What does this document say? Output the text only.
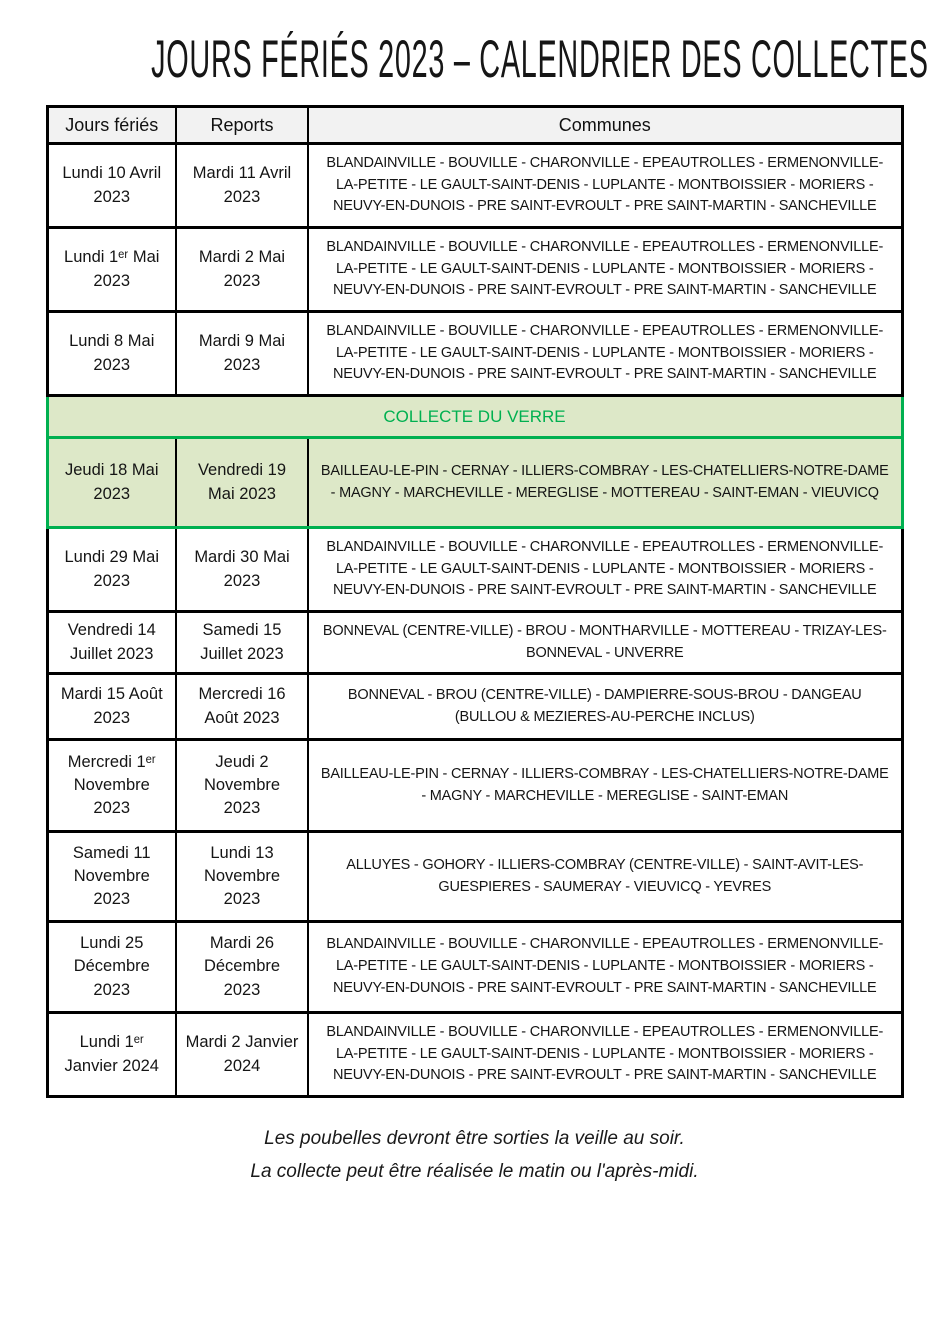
JOURS FÉRIÉS 2023 – CALENDRIER DES COLLECTES
Jours fériés	Reports	Communes
Lundi 10 Avril 2023	Mardi 11 Avril 2023	BLANDAINVILLE - BOUVILLE - CHARONVILLE - EPEAUTROLLES - ERMENONVILLE-LA-PETITE - LE GAULT-SAINT-DENIS - LUPLANTE - MONTBOISSIER - MORIERS - NEUVY-EN-DUNOIS - PRE SAINT-EVROULT - PRE SAINT-MARTIN - SANCHEVILLE
Lundi 1ᵉʳ Mai 2023	Mardi 2 Mai 2023	BLANDAINVILLE - BOUVILLE - CHARONVILLE - EPEAUTROLLES - ERMENONVILLE-LA-PETITE - LE GAULT-SAINT-DENIS - LUPLANTE - MONTBOISSIER - MORIERS - NEUVY-EN-DUNOIS - PRE SAINT-EVROULT - PRE SAINT-MARTIN - SANCHEVILLE
Lundi 8 Mai 2023	Mardi 9 Mai 2023	BLANDAINVILLE - BOUVILLE - CHARONVILLE - EPEAUTROLLES - ERMENONVILLE-LA-PETITE - LE GAULT-SAINT-DENIS - LUPLANTE - MONTBOISSIER - MORIERS - NEUVY-EN-DUNOIS - PRE SAINT-EVROULT - PRE SAINT-MARTIN - SANCHEVILLE
COLLECTE DU VERRE		
Jeudi 18 Mai 2023	Vendredi 19 Mai 2023	BAILLEAU-LE-PIN - CERNAY - ILLIERS-COMBRAY - LES-CHATELLIERS-NOTRE-DAME - MAGNY - MARCHEVILLE - MEREGLISE - MOTTEREAU - SAINT-EMAN - VIEUVICQ
Lundi 29 Mai 2023	Mardi 30 Mai 2023	BLANDAINVILLE - BOUVILLE - CHARONVILLE - EPEAUTROLLES - ERMENONVILLE-LA-PETITE - LE GAULT-SAINT-DENIS - LUPLANTE - MONTBOISSIER - MORIERS - NEUVY-EN-DUNOIS - PRE SAINT-EVROULT - PRE SAINT-MARTIN - SANCHEVILLE
Vendredi 14 Juillet 2023	Samedi 15 Juillet 2023	BONNEVAL (CENTRE-VILLE) - BROU - MONTHARVILLE - MOTTEREAU - TRIZAY-LES-BONNEVAL - UNVERRE
Mardi 15 Août 2023	Mercredi 16 Août 2023	BONNEVAL - BROU (CENTRE-VILLE) - DAMPIERRE-SOUS-BROU - DANGEAU (BULLOU & MEZIERES-AU-PERCHE INCLUS)
Mercredi 1ᵉʳ Novembre 2023	Jeudi 2 Novembre 2023	BAILLEAU-LE-PIN - CERNAY - ILLIERS-COMBRAY - LES-CHATELLIERS-NOTRE-DAME - MAGNY - MARCHEVILLE - MEREGLISE - SAINT-EMAN
Samedi 11 Novembre 2023	Lundi 13 Novembre 2023	ALLUYES - GOHORY - ILLIERS-COMBRAY (CENTRE-VILLE) - SAINT-AVIT-LES-GUESPIERES - SAUMERAY - VIEUVICQ - YEVRES
Lundi 25 Décembre 2023	Mardi 26 Décembre 2023	BLANDAINVILLE - BOUVILLE - CHARONVILLE - EPEAUTROLLES - ERMENONVILLE-LA-PETITE - LE GAULT-SAINT-DENIS - LUPLANTE - MONTBOISSIER - MORIERS - NEUVY-EN-DUNOIS - PRE SAINT-EVROULT - PRE SAINT-MARTIN - SANCHEVILLE
Lundi 1ᵉʳ Janvier 2024	Mardi 2 Janvier 2024	BLANDAINVILLE - BOUVILLE - CHARONVILLE - EPEAUTROLLES - ERMENONVILLE-LA-PETITE - LE GAULT-SAINT-DENIS - LUPLANTE - MONTBOISSIER - MORIERS - NEUVY-EN-DUNOIS - PRE SAINT-EVROULT - PRE SAINT-MARTIN - SANCHEVILLE

Les poubelles devront être sorties la veille au soir.

La collecte peut être réalisée le matin ou l'après-midi.
